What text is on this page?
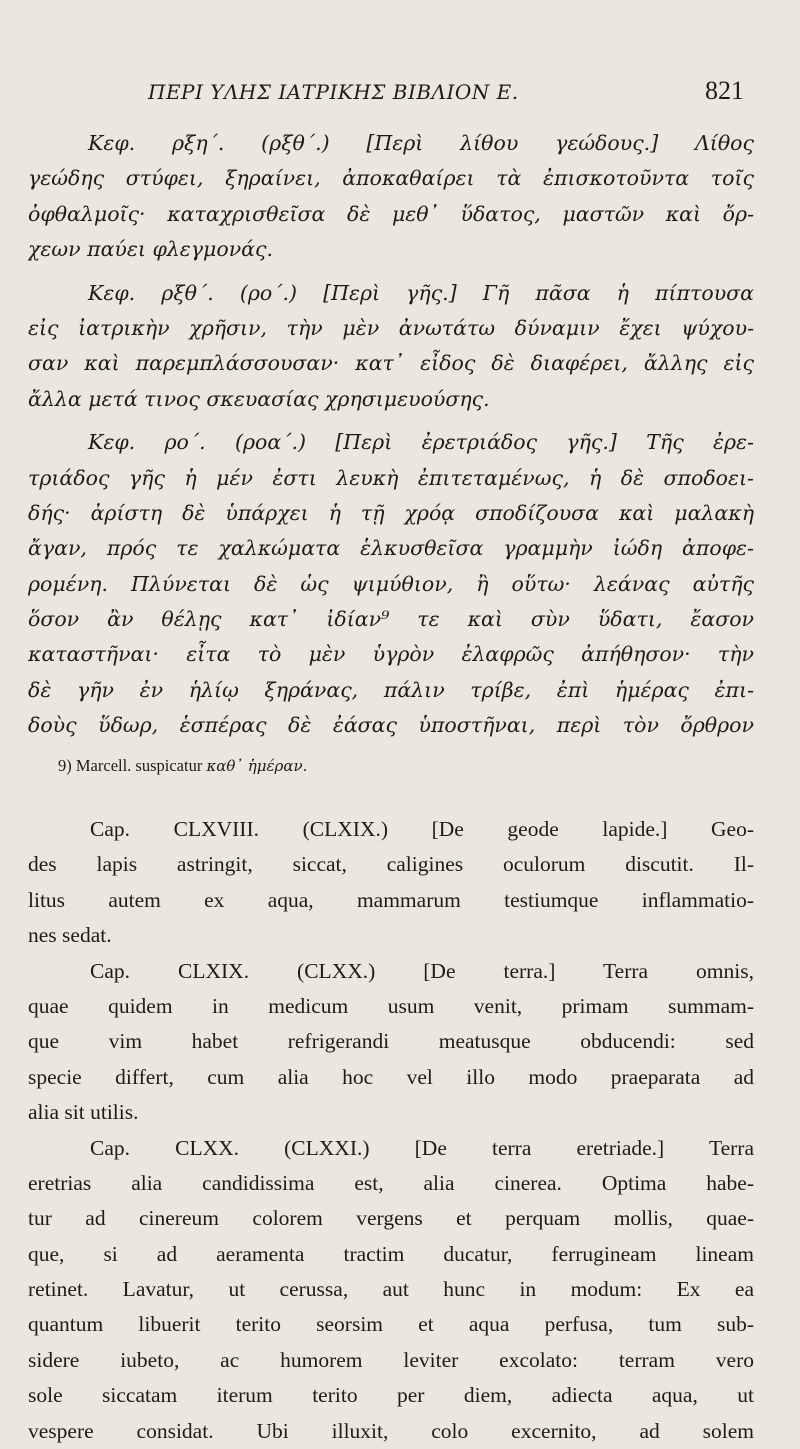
ΠΕΡΙ ΥΛΗΣ ΙΑΤΡΙΚΗΣ ΒΙΒΛΙΟΝ Ε.	821
Κεφ. ρξη΄. (ρξθ΄.) [Περὶ λίθου γεώδους.] Λίθος
γεώδης στύφει, ξηραίνει, ἀποκαθαίρει τὰ ἐπισκοτοῦντα τοῖς
ὀφθαλμοῖς· καταχρισθεῖσα δὲ μεθ᾽ ὕδατος, μαστῶν καὶ ὄρ-
χεων παύει φλεγμονάς.
Κεφ. ρξθ΄. (ρο΄.) [Περὶ γῆς.] Γῆ πᾶσα ἡ πίπτουσα
εἰς ἰατρικὴν χρῆσιν, τὴν μὲν ἀνωτάτω δύναμιν ἔχει ψύχου-
σαν καὶ παρεμπλάσσουσαν· κατ᾽ εἶδος δὲ διαφέρει, ἄλλης εἰς
ἄλλα μετά τινος σκευασίας χρησιμευούσης.
Κεφ. ρο΄. (ροα΄.) [Περὶ ἐρετριάδος γῆς.] Τῆς ἐρε-
τριάδος γῆς ἡ μέν ἐστι λευκὴ ἐπιτεταμένως, ἡ δὲ σποδοει-
δής· ἀρίστη δὲ ὑπάρχει ἡ τῇ χρόᾳ σποδίζουσα καὶ μαλακὴ
ἄγαν, πρός τε χαλκώματα ἑλκυσθεῖσα γραμμὴν ἰώδη ἀποφε-
ρομένη. Πλύνεται δὲ ὡς ψιμύθιον, ἢ οὕτω· λεάνας αὐτῆς
ὅσον ἂν θέλῃς κατ᾽ ἰδίαν⁹ τε καὶ σὺν ὕδατι, ἔασον
καταστῆναι· εἶτα τὸ μὲν ὑγρὸν ἐλαφρῶς ἀπήθησον· τὴν
δὲ γῆν ἐν ἡλίῳ ξηράνας, πάλιν τρίβε, ἐπὶ ἡμέρας ἐπι-
δοὺς ὕδωρ, ἑσπέρας δὲ ἐάσας ὑποστῆναι, περὶ τὸν ὄρθρον
9) Marcell. suspicatur καθ᾽ ἡμέραν.
Cap. CLXVIII. (CLXIX.) [De geode lapide.] Geo-
des lapis astringit, siccat, caligines oculorum discutit. Il-
litus autem ex aqua, mammarum testiumque inflammatio-
nes sedat.
Cap. CLXIX. (CLXX.) [De terra.] Terra omnis,
quae quidem in medicum usum venit, primam summam-
que vim habet refrigerandi meatusque obducendi: sed
specie differt, cum alia hoc vel illo modo praeparata ad
alia sit utilis.
Cap. CLXX. (CLXXI.) [De terra eretriade.] Terra
eretrias alia candidissima est, alia cinerea. Optima habe-
tur ad cinereum colorem vergens et perquam mollis, quae-
que, si ad aeramenta tractim ducatur, ferrugineam lineam
retinet. Lavatur, ut cerussa, aut hunc in modum: Ex ea
quantum libuerit terito seorsim et aqua perfusa, tum sub-
sidere iubeto, ac humorem leviter excolato: terram vero
sole siccatam iterum terito per diem, adiecta aqua, ut
vespere considat. Ubi illuxit, colo excernito, ad solem
